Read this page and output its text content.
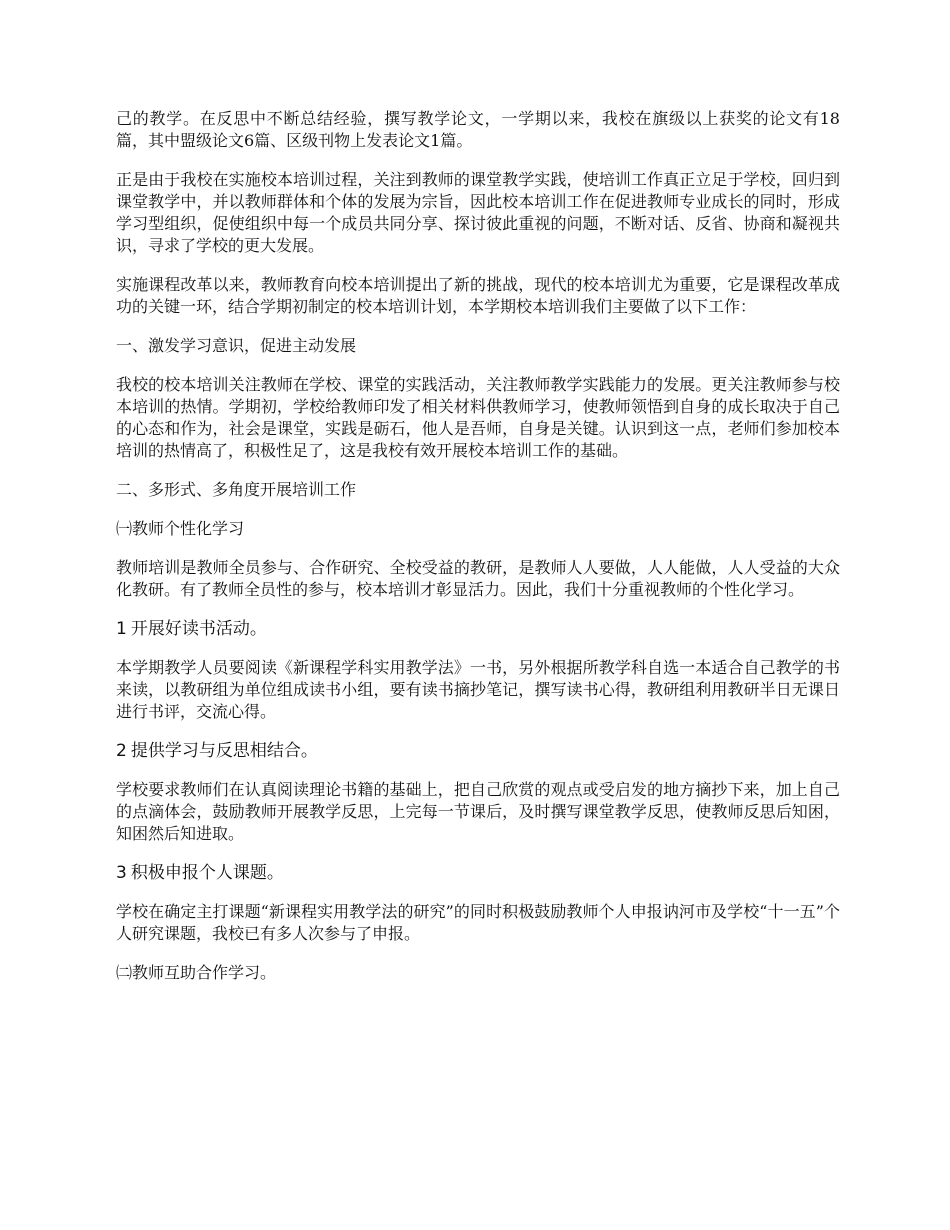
己的教学。在反思中不断总结经验，撰写教学论文，一学期以来，我校在旗级以上获奖的论文有18篇，其中盟级论文6篇、区级刊物上发表论文1篇。

正是由于我校在实施校本培训过程，关注到教师的课堂教学实践，使培训工作真正立足于学校，回归到课堂教学中，并以教师群体和个体的发展为宗旨，因此校本培训工作在促进教师专业成长的同时，形成学习型组织，促使组织中每一个成员共同分享、探讨彼此重视的问题，不断对话、反省、协商和凝视共识，寻求了学校的更大发展。

实施课程改革以来，教师教育向校本培训提出了新的挑战，现代的校本培训尤为重要，它是课程改革成功的关键一环，结合学期初制定的校本培训计划，本学期校本培训我们主要做了以下工作：

一、激发学习意识，促进主动发展

我校的校本培训关注教师在学校、课堂的实践活动，关注教师教学实践能力的发展。更关注教师参与校本培训的热情。学期初，学校给教师印发了相关材料供教师学习，使教师领悟到自身的成长取决于自己的心态和作为，社会是课堂，实践是砺石，他人是吾师，自身是关键。认识到这一点，老师们参加校本培训的热情高了，积极性足了，这是我校有效开展校本培训工作的基础。

二、多形式、多角度开展培训工作

㈠教师个性化学习

教师培训是教师全员参与、合作研究、全校受益的教研，是教师人人要做，人人能做，人人受益的大众化教研。有了教师全员性的参与，校本培训才彰显活力。因此，我们十分重视教师的个性化学习。

1 开展好读书活动。

本学期教学人员要阅读《新课程学科实用教学法》一书，另外根据所教学科自选一本适合自己教学的书来读，以教研组为单位组成读书小组，要有读书摘抄笔记，撰写读书心得，教研组利用教研半日无课日进行书评，交流心得。

2 提供学习与反思相结合。

学校要求教师们在认真阅读理论书籍的基础上，把自己欣赏的观点或受启发的地方摘抄下来，加上自己的点滴体会，鼓励教师开展教学反思，上完每一节课后，及时撰写课堂教学反思，使教师反思后知困，知困然后知进取。

3 积极申报个人课题。

学校在确定主打课题“新课程实用教学法的研究”的同时积极鼓励教师个人申报讷河市及学校“十一五”个人研究课题，我校已有多人次参与了申报。

㈡教师互助合作学习。
